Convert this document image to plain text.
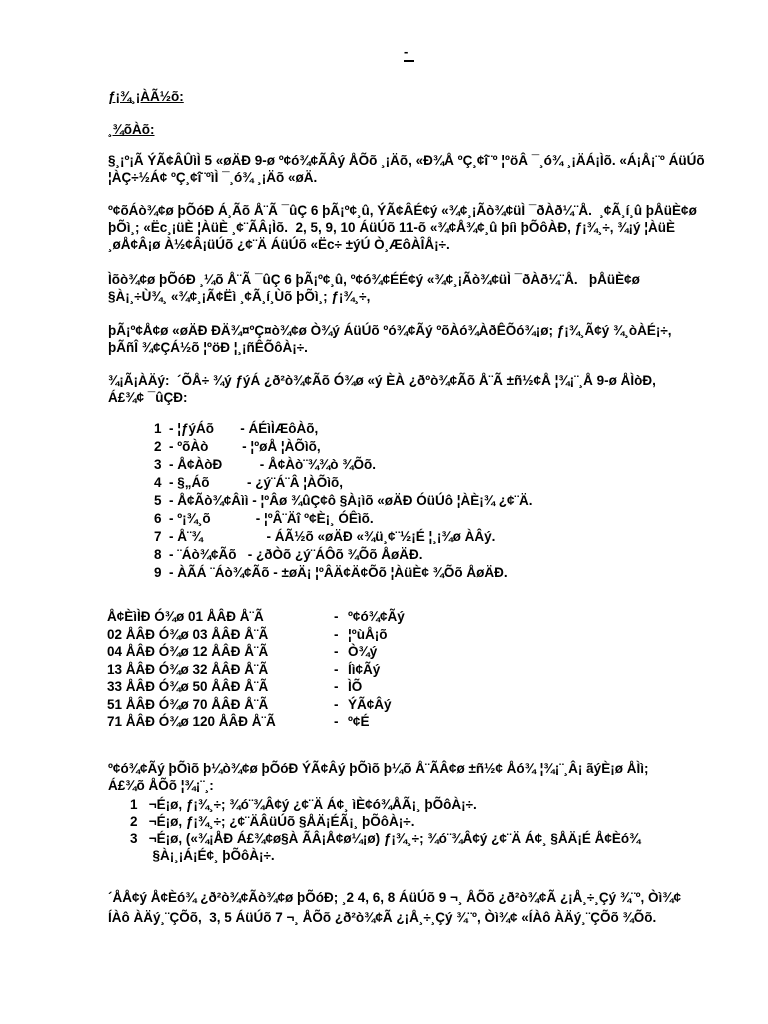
-
ƒ¡¾¸¡ÀÃ½õ:
¸¾õÀõ:
§¸¡º¡Ã ÝÃ¢ÂÛìÌ 5 «øÄÐ 9-ø º¢ó¾¢ÃÂý ÅÕõ ¸¡Äõ, «Ð¾Å ºÇ¸¢î¨º ¦ºöÂ ¯¸ó¾ ¸¡ÄÁ¡Ìõ. «Á¡Å¡¨º ÁüÚõ
¦ÀÇ÷½Á¢ ºÇ¸¢î¨ºìÌ ¯¸ó¾ ¸¡Äõ «øÄ.
º¢õÁò¾¢ø þÕóÐ Á¸Ãõ Å¨Ã ¯ûÇ 6 þÃ¡º¢¸û, ÝÃ¢ÂÉ¢ý «¾¢¸¡Ãò¾¢üÌ ¯ðÀð¼¨Å.  ¸¢Ã¸í¸û þÅüÈ¢ø
þÕì¸; «Ëc¸¡üÈ ¦ÀüÈ ¸¢¨ÃÂ¡Ìõ.  2, 5, 9, 10 ÁüÚõ 11-õ «¾¢Å¾¢¸û þíì þÕôÀÐ, ƒ¡¾¸÷, ¾¡ý ¦ÀüÈ
¸øÅ¢Â¡ø À½¢Â¡üÚõ ¿¢¨Ä ÁüÚõ «Ëc÷ ±ýÚ Ò¸ÆôÀÎÅ¡÷.
Ìõò¾¢ø þÕóÐ ¸¼õ Å¨Ã ¯ûÇ 6 þÃ¡º¢¸û, º¢ó¾¢ÉÉ¢ý «¾¢¸¡Ãò¾¢üÌ ¯ðÀð¼¨Å.   þÅüÈ¢ø
§À¡¸÷Ù¾¸ «¾¢¸¡Ã¢Ëì ¸¢Ã¸í¸Ùõ þÕì¸; ƒ¡¾¸÷,
þÃ¡º¢Å¢ø «øÄÐ ÐÄ¾¤ºÇ¤ò¾¢ø Ò¾ý ÁüÚõ ºó¾¢Ãý ºõÀó¾ÀðÊÕó¾¡ø; ƒ¡¾¸Ã¢ý ¾¸òÀÉ¡÷,
þÃñÎ ¾¢ÇÁ½õ ¦ºöÐ ¦¸¡ñÊÕôÀ¡÷.
¾¡Ã¡ÀÄý:  ´ÕÅ÷ ¾ý ƒýÁ ¿ð²ò¾¢Ãõ Ó¾ø «ý ÈÀ ¿ðºò¾¢Ãõ Å¨Ã ±ñ½¢Å ¦¾¡¨¸Å 9-ø ÅÌòÐ,
Á£¾¢ ¯ûÇÐ:
1  - ¦ƒýÁõ       - ÁÉìÌÆôÀõ,
2  - ºõÀò         - ¦ºøÅ ¦ÀÕìõ,
3  - Å¢ÀòÐ          - Å¢Àò¨¾¾ò ¾Õõ.
4  - §„Áõ          - ¿ý¨Á¨Â ¦ÀÕìõ,
5  - Å¢Ãò¾¢Âìì - ¦ºÂø ¾ûÇ¢ô §À¡ìõ «øÄÐ ÓüÚô ¦ÀÈ¡¾ ¿¢¨Ä.
6  - º¡¾¸õ            - ¦ºÂ¨Äî º¢È¡¸ ÓÊìõ.
7  - Å¨¾                 - ÁÃ½õ «øÄÐ «¾ü¸¢¨½¡É ¦¸¡¾ø ÀÂý.
8  - ¨Áò¾¢Ãõ   - ¿ðÒõ ¿ý¨ÁÔõ ¾Õõ ÅøÄÐ.
9  - ÀÃÁ ¨Áò¾¢Ãõ - ±øÄ¡ ¦ºÂÄ¢Ä¢Õõ ¦ÀüÈ¢ ¾Õõ ÅøÄÐ.
Å¢ÈìÌÐ Ó¾ø 01 ÅÂÐ Å¨Ã	-	º¢ó¾¢Ãý
02 ÅÂÐ Ó¾ø 03 ÅÂÐ Å¨Ã	-	¦ºùÅ¡õ
04 ÅÂÐ Ó¾ø 12 ÅÂÐ Å¨Ã	-	Ò¾ý
13 ÅÂÐ Ó¾ø 32 ÅÂÐ Å¨Ã	-	Íì¢Ãý
33 ÅÂÐ Ó¾ø 50 ÅÂÐ Å¨Ã	-	ÌÕ
51 ÅÂÐ Ó¾ø 70 ÅÂÐ Å¨Ã	-	ÝÃ¢Âý
71 ÅÂÐ Ó¾ø 120 ÅÂÐ Å¨Ã	-	º¢É
º¢ó¾¢Ãý þÕìõ þ¼ò¾¢ø þÕóÐ ÝÃ¢Âý þÕìõ þ¼õ Å¨ÃÂ¢ø ±ñ½¢ Åó¾ ¦¾¡¨¸Â¡ ãýÈ¡ø ÅÌì;
Á£¾õ ÅÕõ ¦¾¡¨¸:
1   ¬É¡ø, ƒ¡¾¸÷; ¾ó¨¾Â¢ý ¿¢¨Ä Á¢¸ ìÈ¢ó¾ÅÃ¡¸ þÕôÀ¡÷.
2   ¬É¡ø, ƒ¡¾¸÷; ¿¢¨ÄÂüÚõ §ÅÄ¡ÉÃ¡¸ þÕôÀ¡÷.
3   ¬É¡ø, («¾¡ÅÐ Á£¾¢ø§À ÃÂ¡Å¢ø¼¡ø) ƒ¡¾¸÷; ¾ó¨¾Â¢ý ¿¢¨Ä Á¢¸ §ÅÄ¡É Å¢Èó¾
§À¡¸¡Á¡É¢¸ þÕôÀ¡÷.
´ÅÅ¢ý Å¢Èó¾ ¿ð²ò¾¢Ãò¾¢ø þÕóÐ; ¸2 4, 6, 8 ÁüÚõ 9 ¬¸ ÅÕõ ¿ð²ò¾¢Ã ¿¡Å¸÷¸Çý ¾¨º, Òì¾¢
ÍÀô ÀÄý¸¨ÇÕõ,  3, 5 ÁüÚõ 7 ¬¸ ÅÕõ ¿ð²ò¾¢Ã ¿¡Å¸÷¸Çý ¾¨º, Òì¾¢ «ÍÀô ÀÄý¸¨ÇÕõ ¾Õõ.
